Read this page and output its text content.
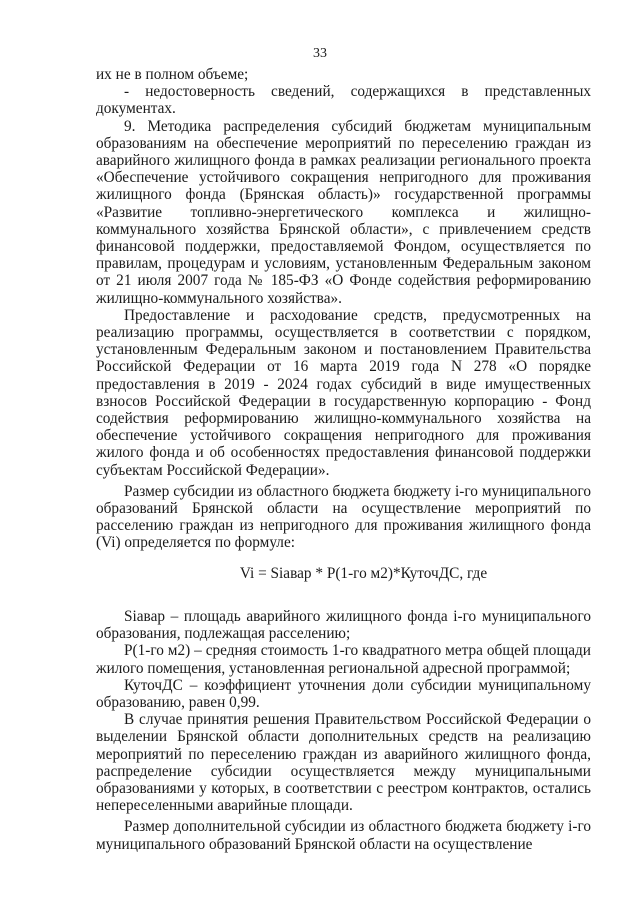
33

их не в полном объеме;

- недостоверность сведений, содержащихся в представленных документах.

9. Методика распределения субсидий бюджетам муниципальным образованиям на обеспечение мероприятий по переселению граждан из аварийного жилищного фонда в рамках реализации регионального проекта «Обеспечение устойчивого сокращения непригодного для проживания жилищного фонда (Брянская область)» государственной программы «Развитие топливно-энергетического комплекса и жилищно-коммунального хозяйства Брянской области», с привлечением средств финансовой поддержки, предоставляемой Фондом, осуществляется по правилам, процедурам и условиям, установленным Федеральным законом от 21 июля 2007 года № 185-ФЗ «О Фонде содействия реформированию жилищно-коммунального хозяйства».

Предоставление и расходование средств, предусмотренных на реализацию программы, осуществляется в соответствии с порядком, установленным Федеральным законом и постановлением Правительства Российской Федерации от 16 марта 2019 года N 278 «О порядке предоставления в 2019 - 2024 годах субсидий в виде имущественных взносов Российской Федерации в государственную корпорацию - Фонд содействия реформированию жилищно-коммунального хозяйства на обеспечение устойчивого сокращения непригодного для проживания жилого фонда и об особенностях предоставления финансовой поддержки субъектам Российской Федерации».

Размер субсидии из областного бюджета бюджету i-го муниципального образований Брянской области на осуществление мероприятий по расселению граждан из непригодного для проживания жилищного фонда (Vi) определяется по формуле:

Vi = Siавар * Р(1-го м2)*КуточДС, где

Siавар – площадь аварийного жилищного фонда i-го муниципального образования, подлежащая расселению;

Р(1-го м2) – средняя стоимость 1-го квадратного метра общей площади жилого помещения, установленная региональной адресной программой;

КуточДС – коэффициент уточнения доли субсидии муниципальному образованию, равен 0,99.

В случае принятия решения Правительством Российской Федерации о выделении Брянской области дополнительных средств на реализацию мероприятий по переселению граждан из аварийного жилищного фонда, распределение субсидии осуществляется между муниципальными образованиями у которых, в соответствии с реестром контрактов, остались непереселенными аварийные площади.

Размер дополнительной субсидии из областного бюджета бюджету i-го муниципального образований Брянской области на осуществление
